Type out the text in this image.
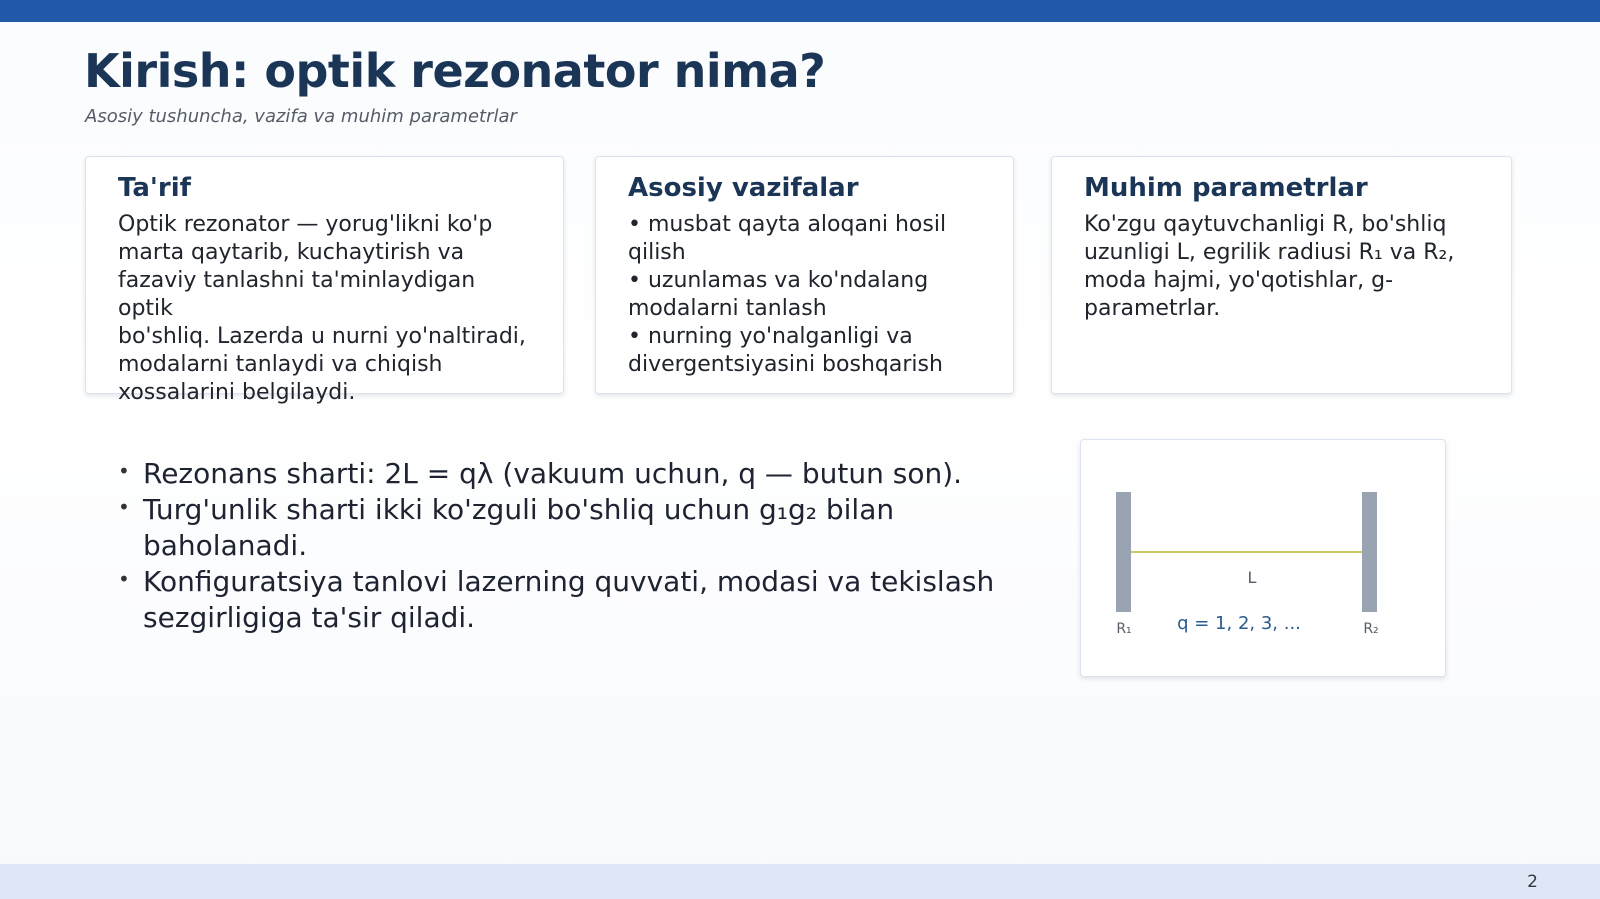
Kirish: optik rezonator nima?
Asosiy tushuncha, vazifa va muhim parametrlar
Ta'rif
Optik rezonator — yorug'likni ko'p
marta qaytarib, kuchaytirish va
fazaviy tanlashni ta'minlaydigan optik
bo'shliq. Lazerda u nurni yo'naltiradi,
modalarni tanlaydi va chiqish
xossalarini belgilaydi.
Asosiy vazifalar
• musbat qayta aloqani hosil
qilish
• uzunlamas va ko'ndalang
modalarni tanlash
• nurning yo'nalganligi va
divergentsiyasini boshqarish
Muhim parametrlar
Ko'zgu qaytuvchanligi R, bo'shliq
uzunligi L, egrilik radiusi R₁ va R₂,
moda hajmi, yo'qotishlar, g-
parametrlar.
• Rezonans sharti: 2L = qλ (vakuum uchun, q — butun son).
• Turg'unlik sharti ikki ko'zguli bo'shliq uchun g₁g₂ bilan baholanadi.
• Konfiguratsiya tanlovi lazerning quvvati, modasi va tekislash sezgirligiga ta'sir qiladi.
L
R₁	R₂
q = 1, 2, 3, ...
2
